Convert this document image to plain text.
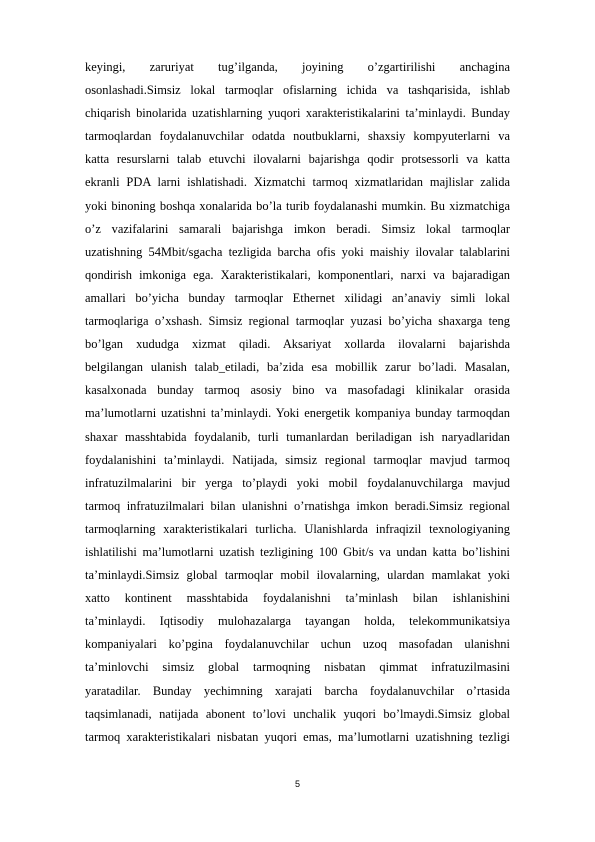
keyingi, zaruriyat tug’ilganda, joyining o’zgartirilishi anchagina
osonlashadi.Simsiz lokal tarmoqlar ofislarning ichida va tashqarisida, ishlab
chiqarish binolarida uzatishlarning yuqori xarakteristikalarini ta’minlaydi. Bunday
tarmoqlardan foydalanuvchilar odatda noutbuklarni, shaxsiy kompyuterlarni va
katta resurslarni talab etuvchi ilovalarni bajarishga qodir protsessorli va katta
ekranli PDA larni ishlatishadi. Xizmatchi tarmoq xizmatlaridan majlislar zalida
yoki binoning boshqa xonalarida bo’la turib foydalanashi mumkin. Bu xizmatchiga
o’z vazifalarini samarali bajarishga imkon beradi. Simsiz lokal tarmoqlar
uzatishning 54Mbit/sgacha tezligida barcha ofis yoki maishiy ilovalar talablarini
qondirish imkoniga ega. Xarakteristikalari, komponentlari, narxi va bajaradigan
amallari bo’yicha bunday tarmoqlar Ethernet xilidagi an’anaviy simli lokal
tarmoqlariga o’xshash. Simsiz regional tarmoqlar yuzasi bo’yicha shaxarga teng
bo’lgan xududga xizmat qiladi. Aksariyat xollarda ilovalarni bajarishda
belgilangan ulanish talab_etiladi, ba’zida esa mobillik zarur bo’ladi. Masalan,
kasalxonada bunday tarmoq asosiy bino va masofadagi klinikalar orasida
ma’lumotlarni uzatishni ta’minlaydi. Yoki energetik kompaniya bunday tarmoqdan
shaxar masshtabida foydalanib, turli tumanlardan beriladigan ish naryadlaridan
foydalanishini ta’minlaydi. Natijada, simsiz regional tarmoqlar mavjud tarmoq
infratuzilmalarini bir yerga to’playdi yoki mobil foydalanuvchilarga mavjud
tarmoq infratuzilmalari bilan ulanishni o’rnatishga imkon beradi.Simsiz regional
tarmoqlarning xarakteristikalari turlicha. Ulanishlarda infraqizil texnologiyaning
ishlatilishi ma’lumotlarni uzatish tezligining 100 Gbit/s va undan katta bo’lishini
ta’minlaydi.Simsiz global tarmoqlar mobil ilovalarning, ulardan mamlakat yoki
xatto kontinent masshtabida foydalanishni ta’minlash bilan ishlanishini
ta’minlaydi. Iqtisodiy mulohazalarga tayangan holda, telekommunikatsiya
kompaniyalari ko’pgina foydalanuvchilar uchun uzoq masofadan ulanishni
ta’minlovchi simsiz global tarmoqning nisbatan qimmat infratuzilmasini
yaratadilar. Bunday yechimning xarajati barcha foydalanuvchilar o’rtasida
taqsimlanadi, natijada abonent to’lovi unchalik yuqori bo’lmaydi.Simsiz global
tarmoq xarakteristikalari nisbatan yuqori emas, ma’lumotlarni uzatishning tezligi
5
